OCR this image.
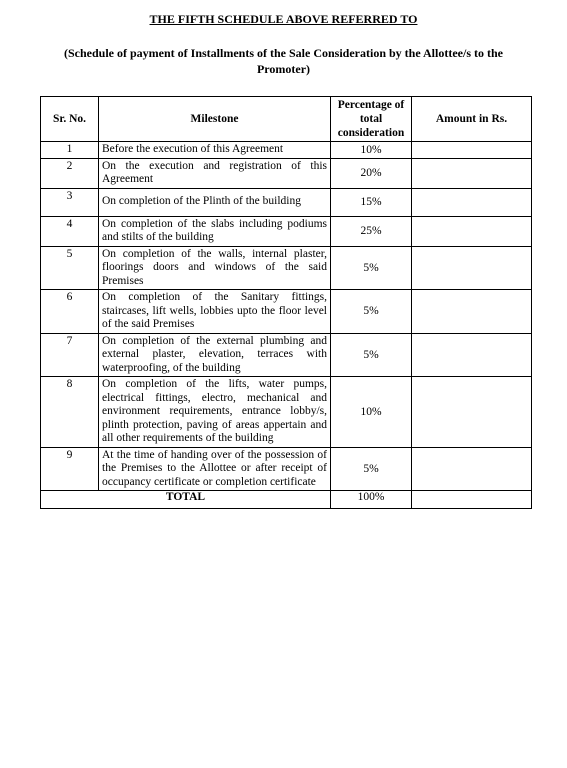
THE FIFTH SCHEDULE ABOVE REFERRED TO
(Schedule of payment of Installments of the Sale Consideration by the Allottee/s to the Promoter)
Sr. No.	Milestone	Percentage of total consideration	Amount in Rs.
1	Before the execution of this Agreement	10%	
2	On the execution and registration of this Agreement	20%	
3	On completion of the Plinth of the building	15%	
4	On completion of the slabs including podiums and stilts of the building	25%	
5	On completion of the walls, internal plaster, floorings doors and windows of the said Premises	5%	
6	On completion of the Sanitary fittings, staircases, lift wells, lobbies upto the floor level of the said Premises	5%	
7	On completion of the external plumbing and external plaster, elevation, terraces with waterproofing, of the building	5%	
8	On completion of the lifts, water pumps, electrical fittings, electro, mechanical and environment requirements, entrance lobby/s, plinth protection, paving of areas appertain and all other requirements of the building	10%	
9	At the time of handing over of the possession of the Premises to the Allottee or after receipt of occupancy certificate or completion certificate	5%	
TOTAL		100%	
